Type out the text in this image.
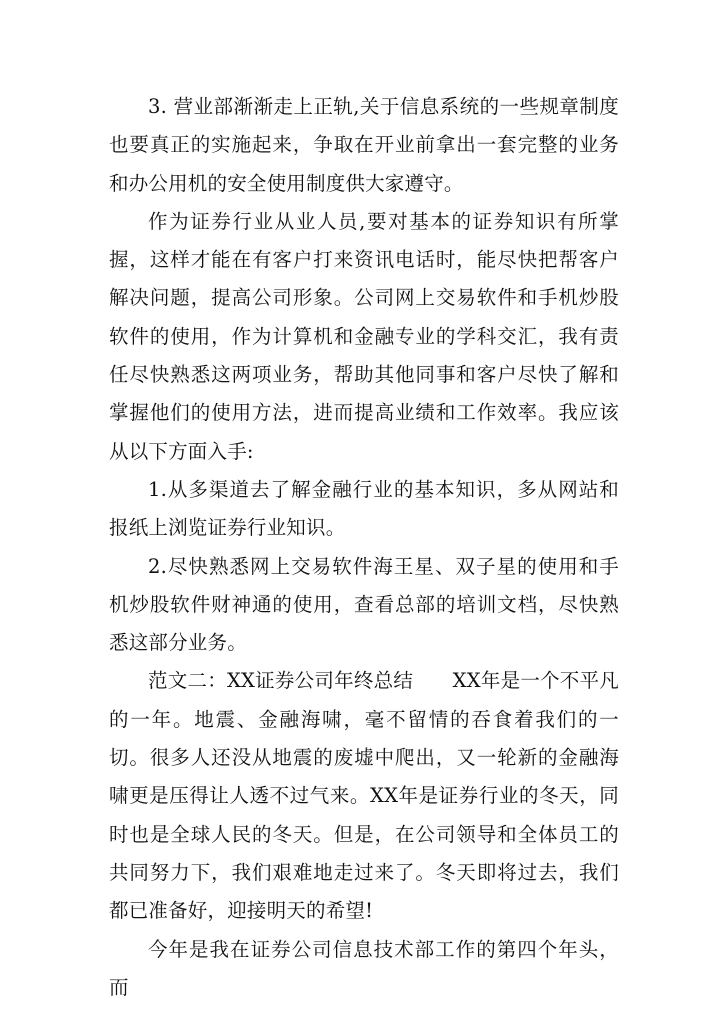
3. 营业部渐渐走上正轨,关于信息系统的一些规章制度也要真正的实施起来，争取在开业前拿出一套完整的业务和办公用机的安全使用制度供大家遵守。

作为证券行业从业人员,要对基本的证券知识有所掌握，这样才能在有客户打来资讯电话时，能尽快把帮客户解决问题，提高公司形象。公司网上交易软件和手机炒股软件的使用，作为计算机和金融专业的学科交汇，我有责任尽快熟悉这两项业务，帮助其他同事和客户尽快了解和掌握他们的使用方法，进而提高业绩和工作效率。我应该从以下方面入手:

1.从多渠道去了解金融行业的基本知识，多从网站和报纸上浏览证券行业知识。

2.尽快熟悉网上交易软件海王星、双子星的使用和手机炒股软件财神通的使用，查看总部的培训文档，尽快熟悉这部分业务。

范文二：XX证券公司年终总结　　XX年是一个不平凡的一年。地震、金融海啸，毫不留情的吞食着我们的一切。很多人还没从地震的废墟中爬出，又一轮新的金融海啸更是压得让人透不过气来。XX年是证券行业的冬天，同时也是全球人民的冬天。但是，在公司领导和全体员工的共同努力下，我们艰难地走过来了。冬天即将过去，我们都已准备好，迎接明天的希望!

今年是我在证券公司信息技术部工作的第四个年头，而
